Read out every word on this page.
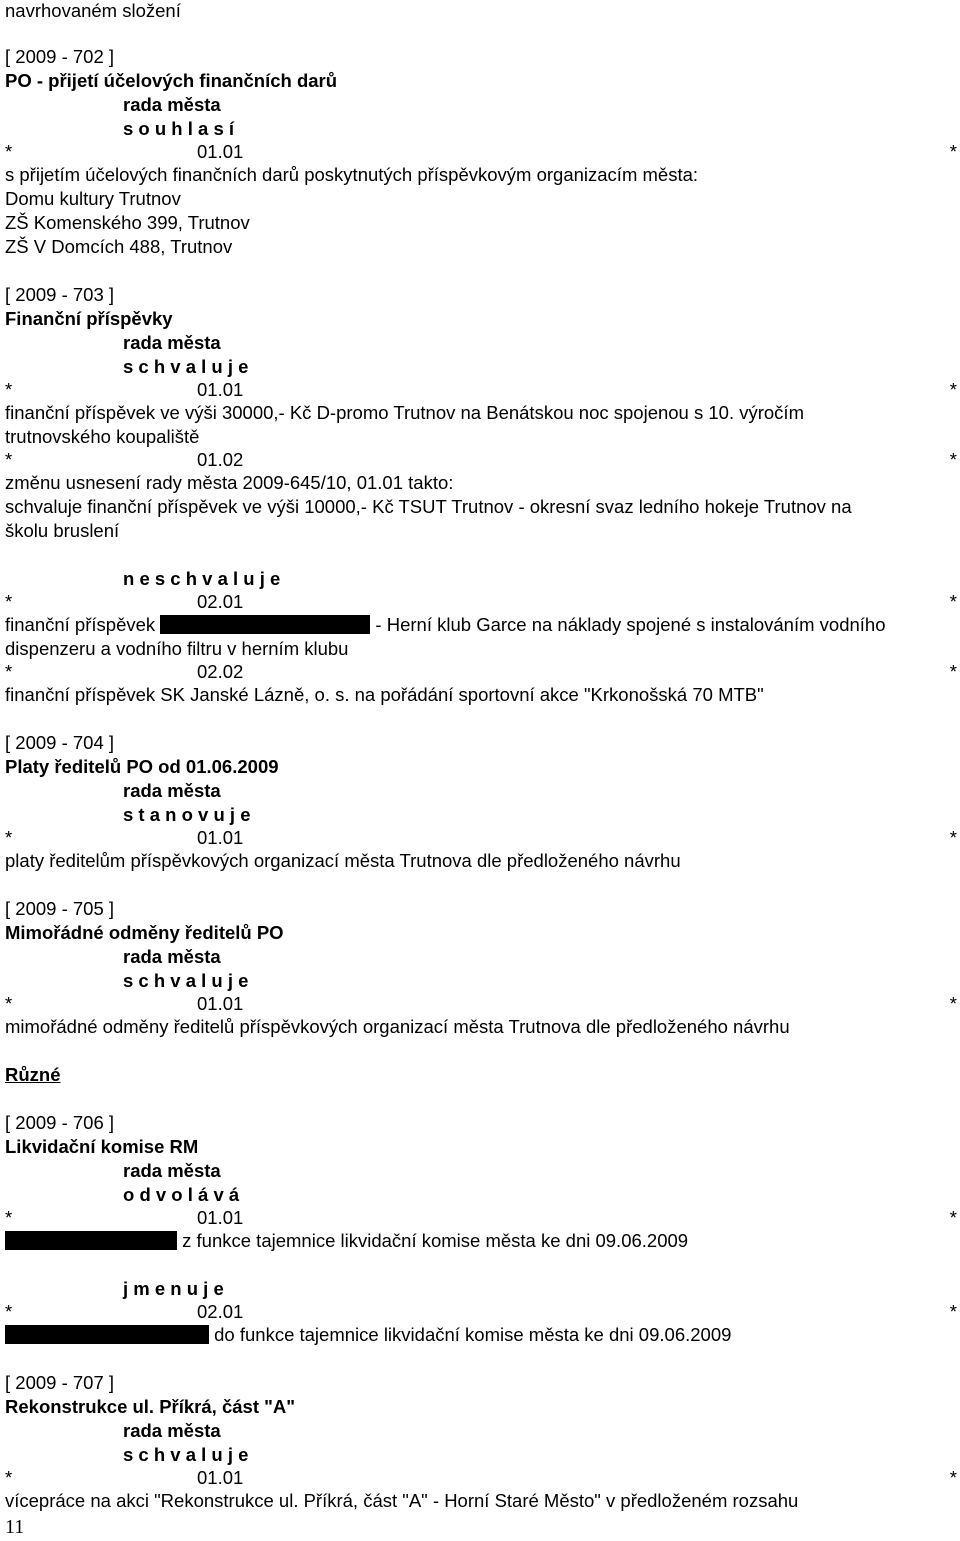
navrhovaném složení
[ 2009 - 702 ]
PO - přijetí účelových finančních darů
rada města
s o u h l a s í
*	01.01	*
s přijetím účelových finančních darů poskytnutých příspěvkovým organizacím města:
Domu kultury Trutnov
ZŠ Komenského 399, Trutnov
ZŠ V Domcích 488, Trutnov
[ 2009 - 703 ]
Finanční příspěvky
rada města
s c h v a l u j e
*	01.01	*
finanční příspěvek ve výši 30000,- Kč D-promo Trutnov na Benátskou noc spojenou s 10. výročím
trutnovského koupaliště
*	01.02	*
změnu usnesení rady města 2009-645/10, 01.01 takto:
schvaluje finanční příspěvek ve výši 10000,- Kč TSUT Trutnov - okresní svaz ledního hokeje Trutnov na
školu bruslení
n e s c h v a l u j e
*	02.01	*
finanční příspěvek	- Herní klub Garce na náklady spojené s instalováním vodního
dispenzeru a vodního filtru v herním klubu
*	02.02	*
finanční příspěvek SK Janské Lázně, o. s. na pořádání sportovní akce "Krkonošská 70 MTB"
[ 2009 - 704 ]
Platy ředitelů PO od 01.06.2009
rada města
s t a n o v u j e
*	01.01	*
platy ředitelům příspěvkových organizací města Trutnova dle předloženého návrhu
[ 2009 - 705 ]
Mimořádné odměny ředitelů PO
rada města
s c h v a l u j e
*	01.01	*
mimořádné odměny ředitelů příspěvkových organizací města Trutnova dle předloženého návrhu
Různé
[ 2009 - 706 ]
Likvidační komise RM
rada města
o d v o l á v á
*	01.01	*
z funkce tajemnice likvidační komise města ke dni 09.06.2009
j m e n u j e
*	02.01	*
do funkce tajemnice likvidační komise města ke dni 09.06.2009
[ 2009 - 707 ]
Rekonstrukce ul. Příkrá, část "A"
rada města
s c h v a l u j e
*	01.01	*
vícepráce na akci "Rekonstrukce ul. Příkrá, část "A" - Horní Staré Město" v předloženém rozsahu
11
